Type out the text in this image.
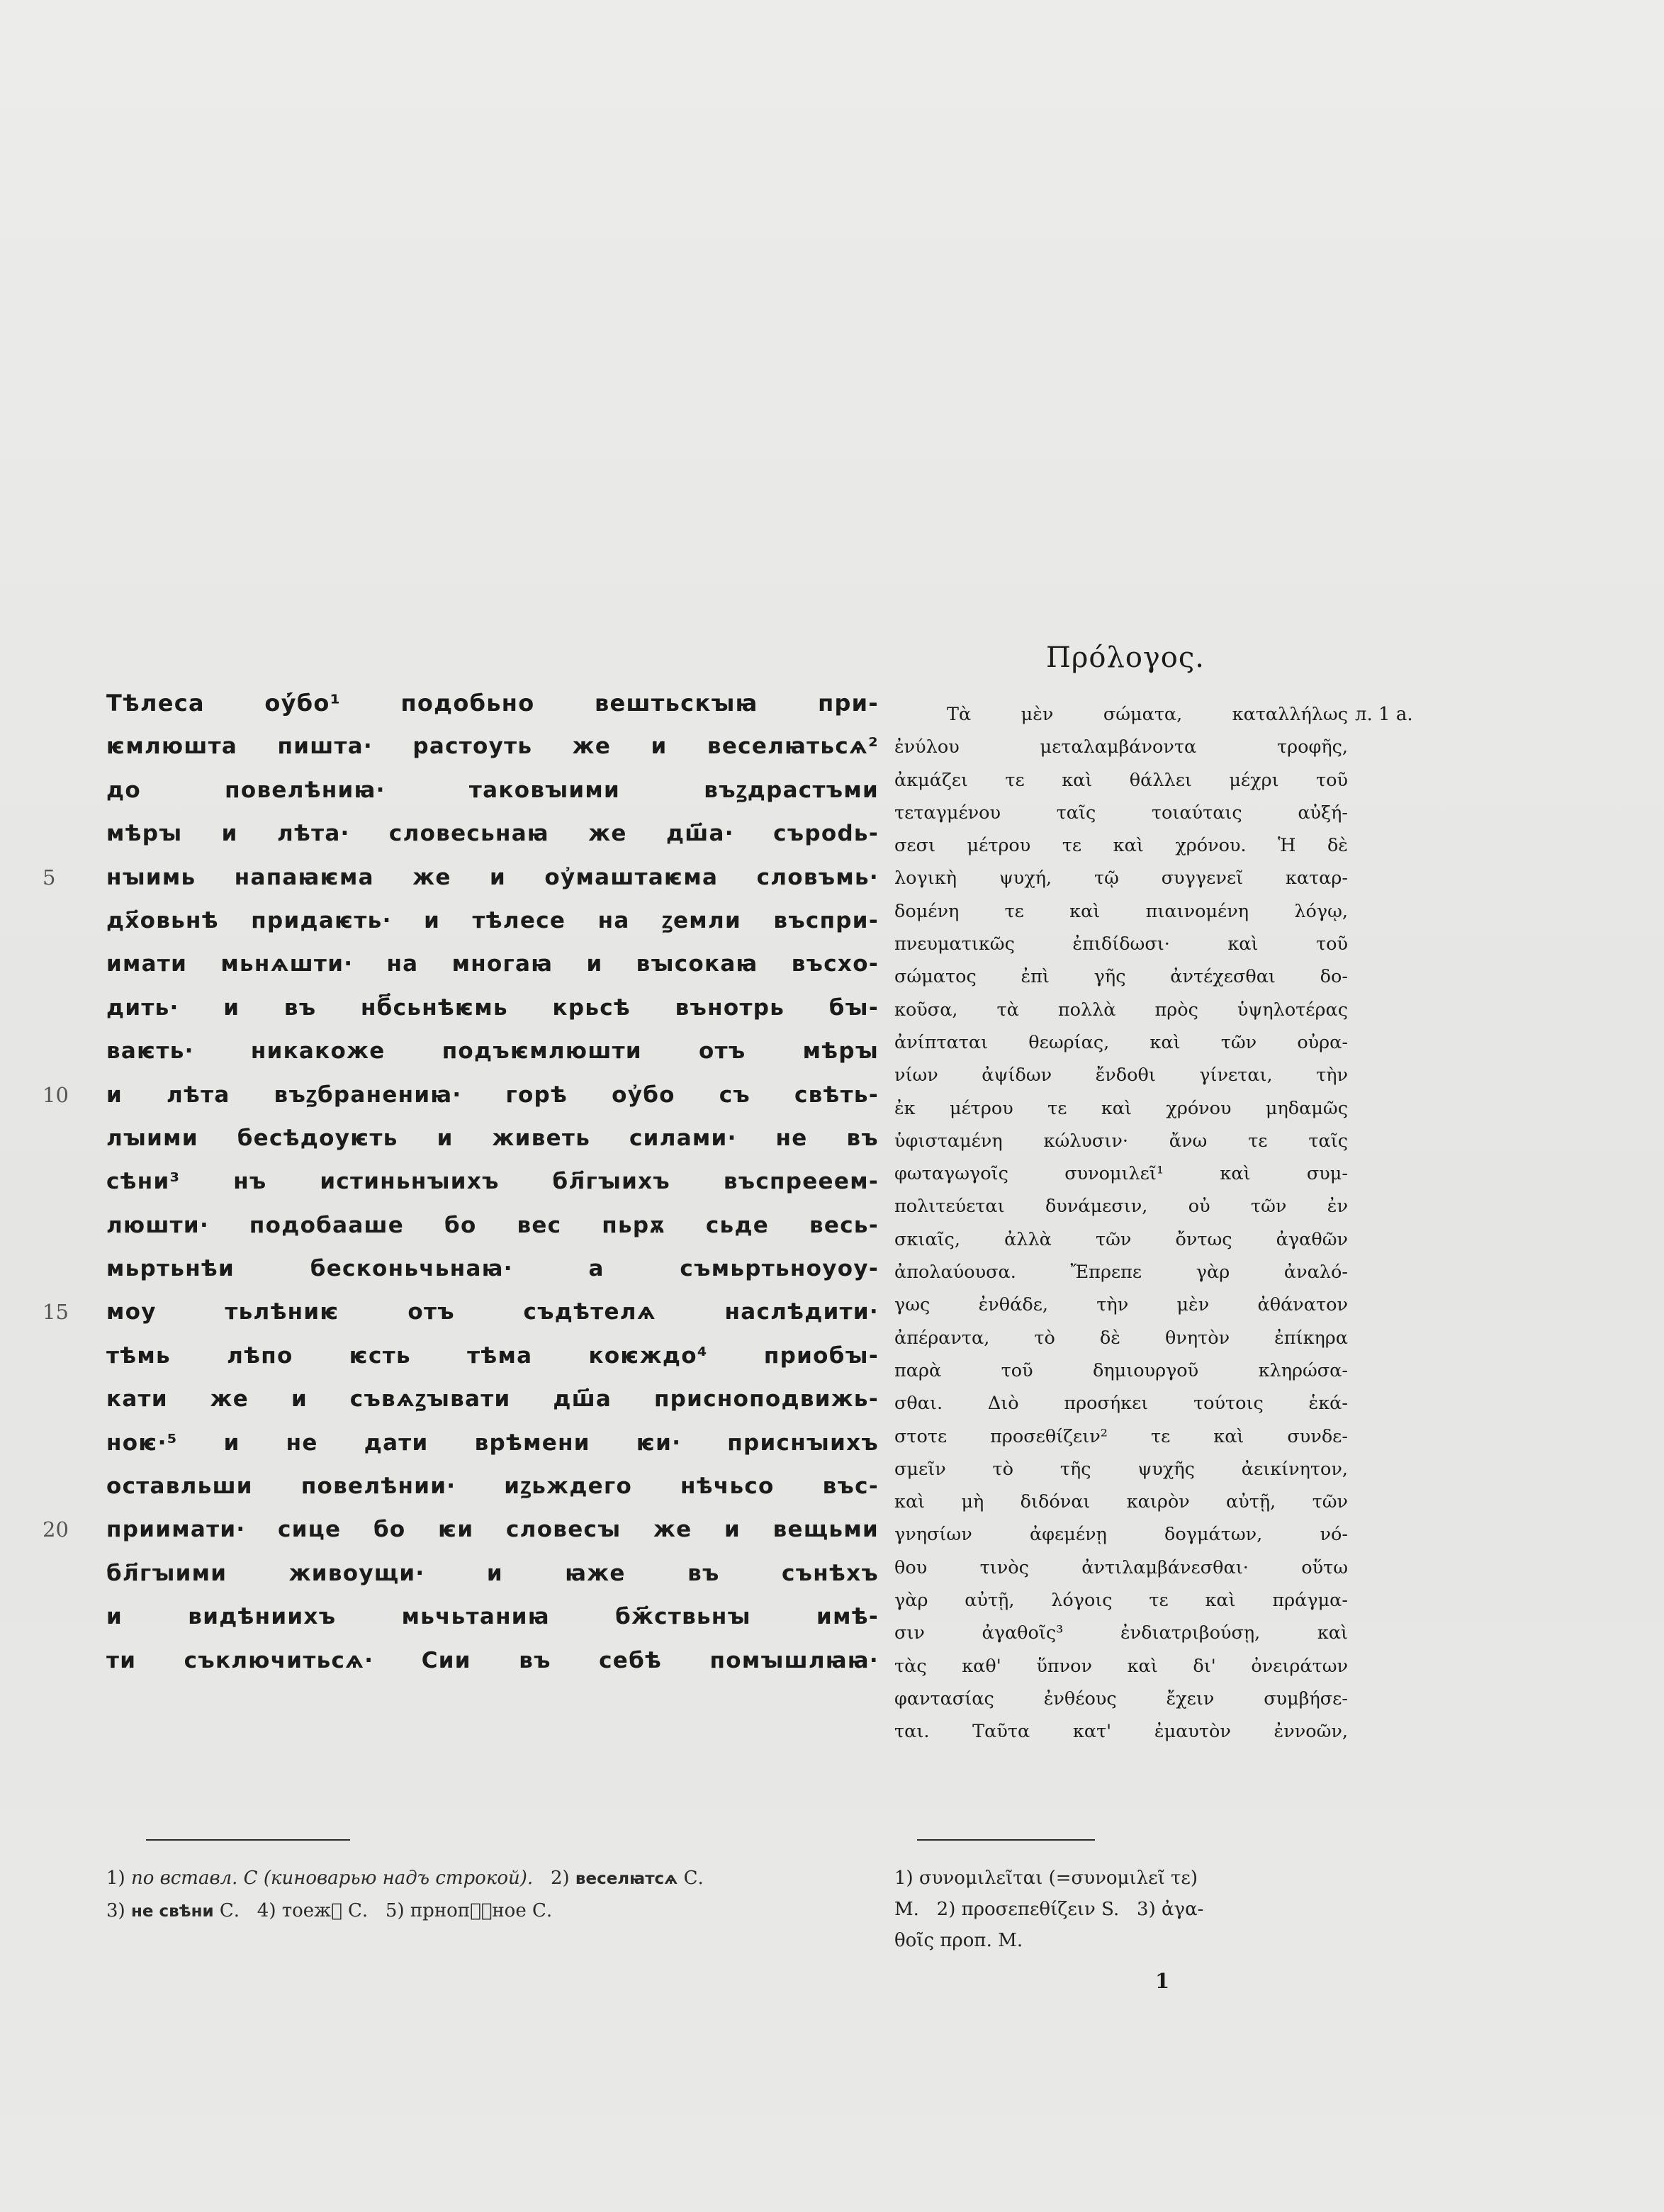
Тѣлеса оу҆́бо¹ подобьно вештьскꙑꙗ при-
ѥмлюшта пишта· растоуть же и веселꙗтьсѧ²
до повелѣниꙗ· таковꙑими въꙁдрастъми
мѣрꙑ и лѣта· словесьнаꙗ же дш҃а· сърodь-
5	нꙑимь напаꙗѥма же и оу҆маштаѥма словъмь·
дх҃овьнѣ придаѥть· и тѣлесе на ꙁемли въспри-
имати мьнѧшти· на многаꙗ и вꙑсокаꙗ въсхо-
дить· и въ нб҃сьнѣѥмь крьсѣ вънотрь бꙑ-
ваѥть· никакоже подъѥмлюшти отъ мѣрꙑ
10	и лѣта въꙁбранениꙗ· горѣ оу҆бо съ свѣть-
лꙑими бесѣдоуѥть и живеть силами· не въ
сѣни³ нъ истиньнꙑихъ бл҃гꙑихъ въспрееем-
люшти· подобааше бо вес пьрѫ сьде весь-
мьртьнѣи бесконьчьнаꙗ· а съмьртьноуоу-
15	моу тьлѣниѥ отъ съдѣтелѧ наслѣдити·
тѣмь лѣпо ѥсть тѣма коѥждо⁴ приобꙑ-
кати же и съвѧꙁꙑвати дш҃а присноподвижь-
ноѥ·⁵ и не дати врѣмени ѥи· приснꙑихъ
оставльши повелѣнии· иꙁьждего нѣчьсо въс-
20	приимати· сице бо ѥи словесꙑ же и вещьми
бл҃гꙑими живоущи· и ꙗже въ сънѣхъ
и видѣниихъ мьчьтаниꙗ бж҃ствьнꙑ имѣ-
ти съключитьсѧ· Сии въ себѣ помꙑшлꙗꙗ·
Πρόλογος.
Τὰ μὲν σώματα, καταλλήλως
ἐνύλου μεταλαμβάνοντα τροφῆς,
ἀκμάζει τε καὶ θάλλει μέχρι τοῦ
τεταγμένου ταῖς τοιαύταις αὐξή-
σεσι μέτρου τε καὶ χρόνου. Ἡ δὲ
λογικὴ ψυχή, τῷ συγγενεῖ καταρ-
δομένη τε καὶ πιαινομένη λόγῳ,
πνευματικῶς ἐπιδίδωσι· καὶ τοῦ
σώματος ἐπὶ γῆς ἀντέχεσθαι δο-
κοῦσα, τὰ πολλὰ πρὸς ὑψηλοτέρας
ἀνίπταται θεωρίας, καὶ τῶν οὐρα-
νίων ἀψίδων ἔνδοθι γίνεται, τὴν
ἐκ μέτρου τε καὶ χρόνου μηδαμῶς
ὑφισταμένη κώλυσιν· ἄνω τε ταῖς
φωταγωγοῖς συνομιλεῖ¹ καὶ συμ-
πολιτεύεται δυνάμεσιν, οὐ τῶν ἐν
σκιαῖς, ἀλλὰ τῶν ὄντως ἀγαθῶν
ἀπολαύουσα. Ἔπρεπε γὰρ ἀναλό-
γως ἐνθάδε, τὴν μὲν ἀθάνατον
ἀπέραντα, τὸ δὲ θνητὸν ἐπίκηρα
παρὰ τοῦ δημιουργοῦ κληρώσα-
σθαι. Διὸ προσήκει τούτοις ἑκά-
στοτε προσεθίζειν² τε καὶ συνδε-
σμεῖν τὸ τῆς ψυχῆς ἀεικίνητον,
καὶ μὴ διδόναι καιρὸν αὐτῇ, τῶν
γνησίων ἀφεμένῃ δογμάτων, νό-
θου τινὸς ἀντιλαμβάνεσθαι· οὕτω
γὰρ αὐτῇ, λόγοις τε καὶ πράγμα-
σιν ἀγαθοῖς³ ἐνδιατριβούσῃ, καὶ
τὰς καθ' ὕπνον καὶ δι' ὀνειράτων
φαντασίας ἐνθέους ἔχειν συμβήσε-
ται. Ταῦτα κατ' ἐμαυτὸν ἐννοῶν,
л. 1 а.
1) по вставл. С (киноварью надъ строкой).   2) веселꙗтсѧ С.
3) не свѣни С.   4) тоежⷣ С.   5) прнопⷭ҇ное С.
1) συνομιλεῖται (=συνομιλεῖ τε)
M.   2) προσεπεθίζειν S.   3) ἀγα-
θοῖς προп. M.
1
